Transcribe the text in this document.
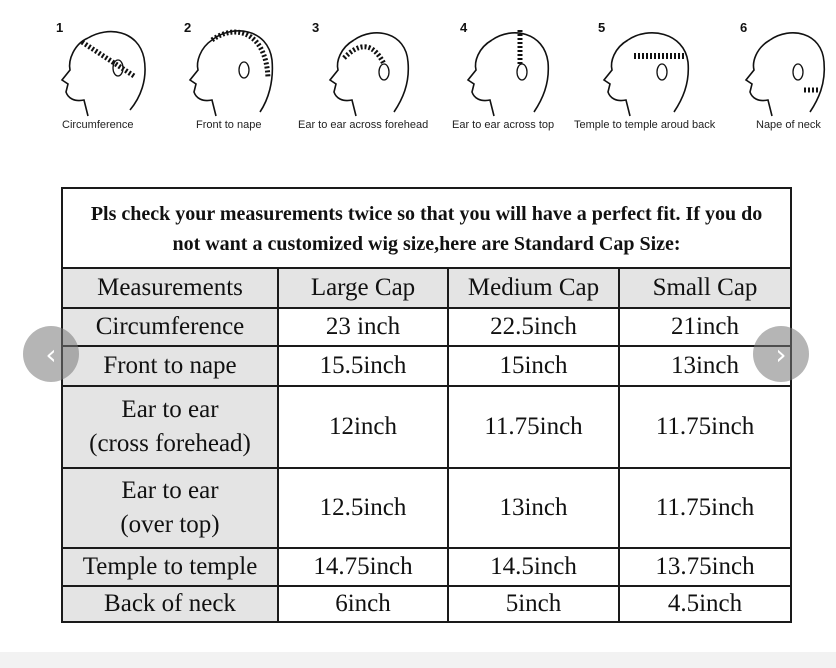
1
Circumference
2
Front to nape
3
Ear to ear across forehead
4
Ear to ear across top
5
Temple to temple aroud back
6
Nape of neck
Pls check your measurements twice so that you will have a perfect fit. If you do not want a customized wig size,here are Standard Cap Size:			
Measurements	Large Cap	Medium Cap	Small Cap
Circumference	23 inch	22.5inch	21inch
Front to nape	15.5inch	15inch	13inch
Ear to ear
(cross forehead)	12inch	11.75inch	11.75inch
Ear to ear
(over top)	12.5inch	13inch	11.75inch
Temple to temple	14.75inch	14.5inch	13.75inch
Back of neck	6inch	5inch	4.5inch
‹	›
